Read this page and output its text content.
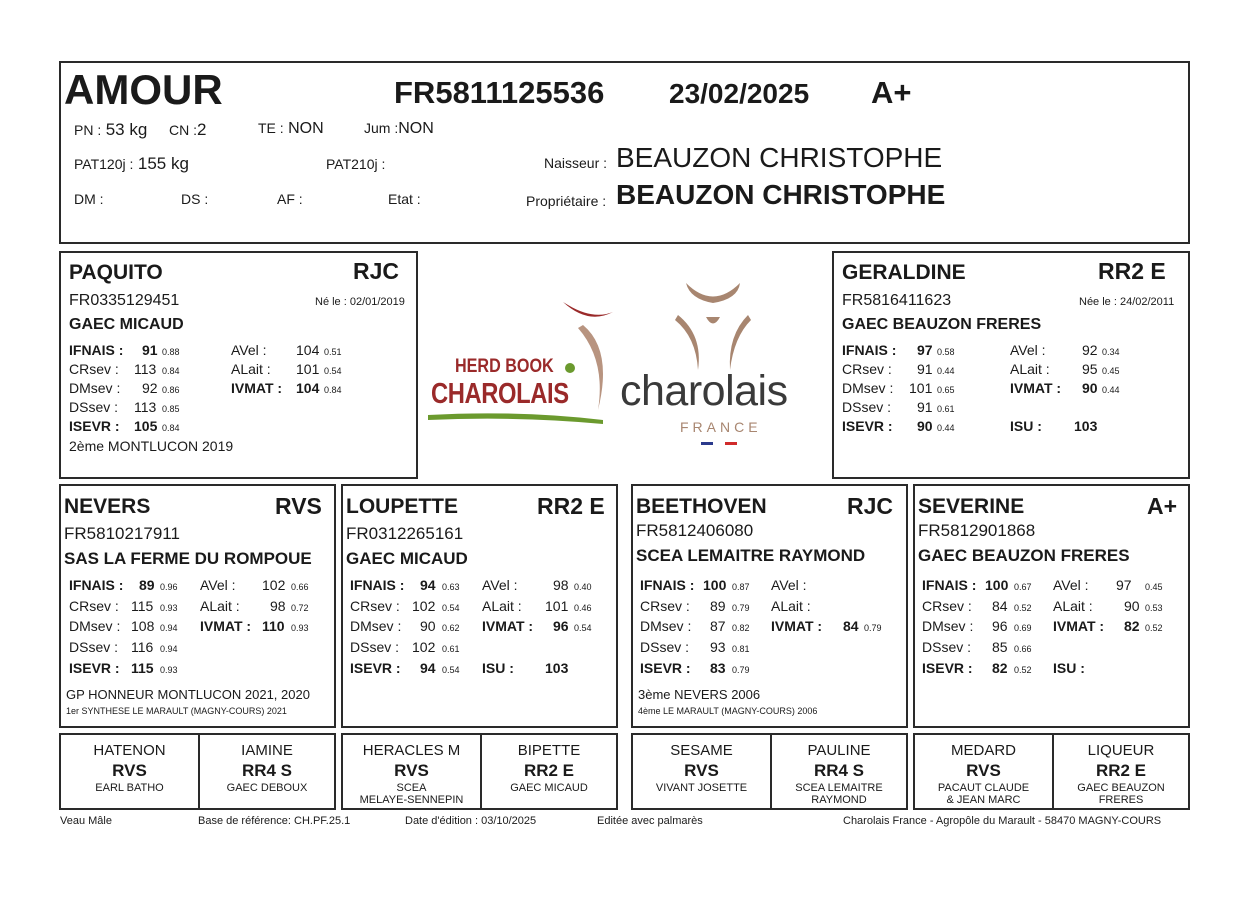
AMOUR	FR5811125536 23/02/2025 A+
PN : 53 kg CN :2	TE : NON	Jum :NON
PAT120j : 155 kg	PAT210j :
DM :	DS :	AF :	Etat :
Naisseur : BEAUZON CHRISTOPHE
Propriétaire : BEAUZON CHRISTOPHE
PAQUITO	RJC
FR0335129451	Né le : 02/01/2019
GAEC MICAUD
IFNAIS : 91 0.88	AVel : 104 0.51
CRsev : 113 0.84	ALait : 101 0.54
DMsev : 92 0.86	IVMAT : 104 0.84
DSsev : 113 0.85
ISEVR : 105 0.84
2ème MONTLUCON 2019
HERD BOOK
CHAROLAIS charolais
FRANCE
GERALDINE	RR2 E
FR5816411623	Née le : 24/02/2011
GAEC BEAUZON FRERES
IFNAIS : 97 0.58	AVel :	92 0.34
CRsev : 91 0.44	ALait : 95 0.45
DMsev : 101 0.65	IVMAT : 90 0.44
DSsev : 91 0.61
ISEVR : 90 0.44	ISU : 103
NEVERS	RVS
FR5810217911
SAS LA FERME DU ROMPOUE
IFNAIS : 89 0.96 AVel : 102 0.66
CRsev : 115 0.93 ALait : 98 0.72
DMsev : 108 0.94 IVMAT : 110 0.93
DSsev : 116 0.94
ISEVR : 115 0.93
GP HONNEUR MONTLUCON 2021, 2020
1er SYNTHESE LE MARAULT (MAGNY-COURS) 2021
LOUPETTE	RR2 E
FR0312265161
GAEC MICAUD
IFNAIS : 94 0.63 AVel :	98 0.40
CRsev : 102 0.54 ALait : 101 0.46
DMsev : 90 0.62 IVMAT : 96 0.54
DSsev : 102 0.61
ISEVR : 94 0.54 ISU : 103
BEETHOVEN	RJC
FR5812406080
SCEA LEMAITRE RAYMOND
IFNAIS : 100 0.87 AVel :
CRsev : 89 0.79 ALait :
DMsev : 87 0.82 IVMAT : 84 0.79
DSsev : 93 0.81
ISEVR : 83 0.79
3ème NEVERS 2006
4ème LE MARAULT (MAGNY-COURS) 2006
SEVERINE	A+
FR5812901868
GAEC BEAUZON FRERES
IFNAIS : 100 0.67 AVel : 97 0.45
CRsev : 84 0.52 ALait : 90 0.53
DMsev : 96 0.69 IVMAT : 82 0.52
DSsev : 85 0.66
ISEVR : 82 0.52 ISU :
HATENON
RVS
EARL BATHO
IAMINE
RR4 S
GAEC DEBOUX
HERACLES M
RVS
SCEA
MELAYE-SENNEPIN
BIPETTE
RR2 E
GAEC MICAUD
SESAME
RVS
VIVANT JOSETTE
PAULINE
RR4 S
SCEA LEMAITRE
RAYMOND
MEDARD
RVS
PACAUT CLAUDE
& JEAN MARC
LIQUEUR
RR2 E
GAEC BEAUZON
FRERES
Veau Mâle	Base de référence: CH.PF.25.1	Date d'édition : 03/10/2025	Editée avec palmarès	Charolais France - Agropôle du Marault - 58470 MAGNY-COURS
